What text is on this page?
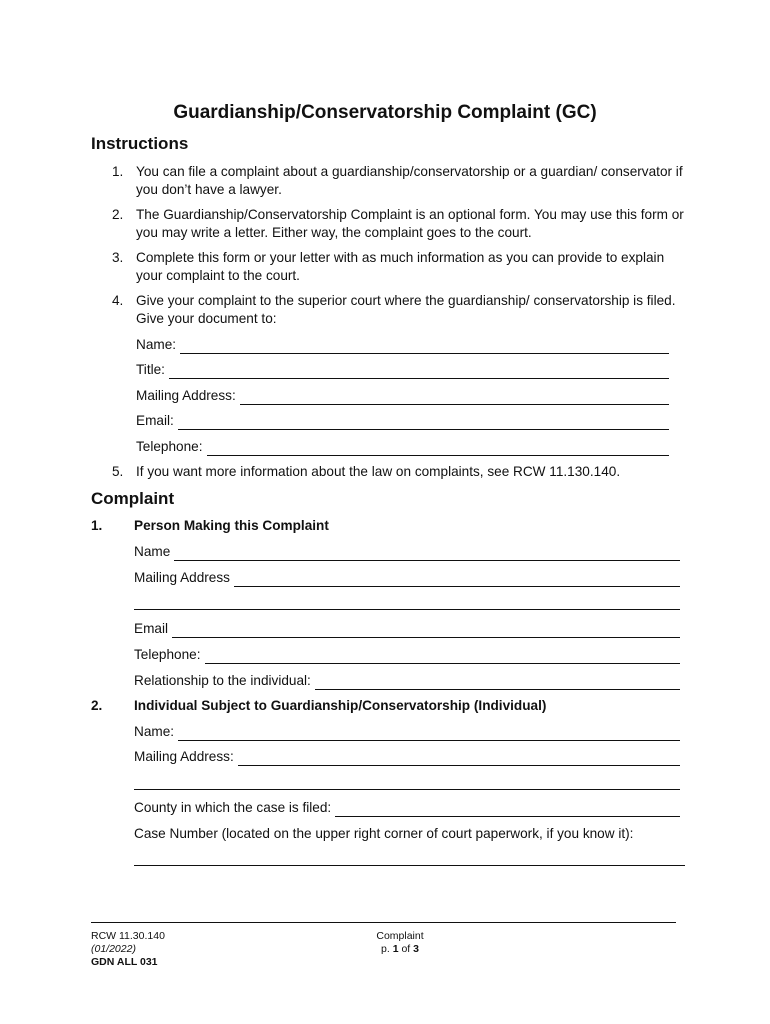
Guardianship/Conservatorship Complaint (GC)
Instructions
1. You can file a complaint about a guardianship/conservatorship or a guardian/ conservator if you don’t have a lawyer.
2. The Guardianship/Conservatorship Complaint is an optional form. You may use this form or you may write a letter. Either way, the complaint goes to the court.
3. Complete this form or your letter with as much information as you can provide to explain your complaint to the court.
4. Give your complaint to the superior court where the guardianship/ conservatorship is filed. Give your document to:
Name:
Title:
Mailing Address:
Email:
Telephone:
5. If you want more information about the law on complaints, see RCW 11.130.140.
Complaint
1. Person Making this Complaint
Name
Mailing Address
Email
Telephone:
Relationship to the individual:
2. Individual Subject to Guardianship/Conservatorship (Individual)
Name:
Mailing Address:
County in which the case is filed:
Case Number (located on the upper right corner of court paperwork, if you know it):
RCW 11.30.140
(01/2022)
GDN ALL 031
Complaint
p. 1 of 3
